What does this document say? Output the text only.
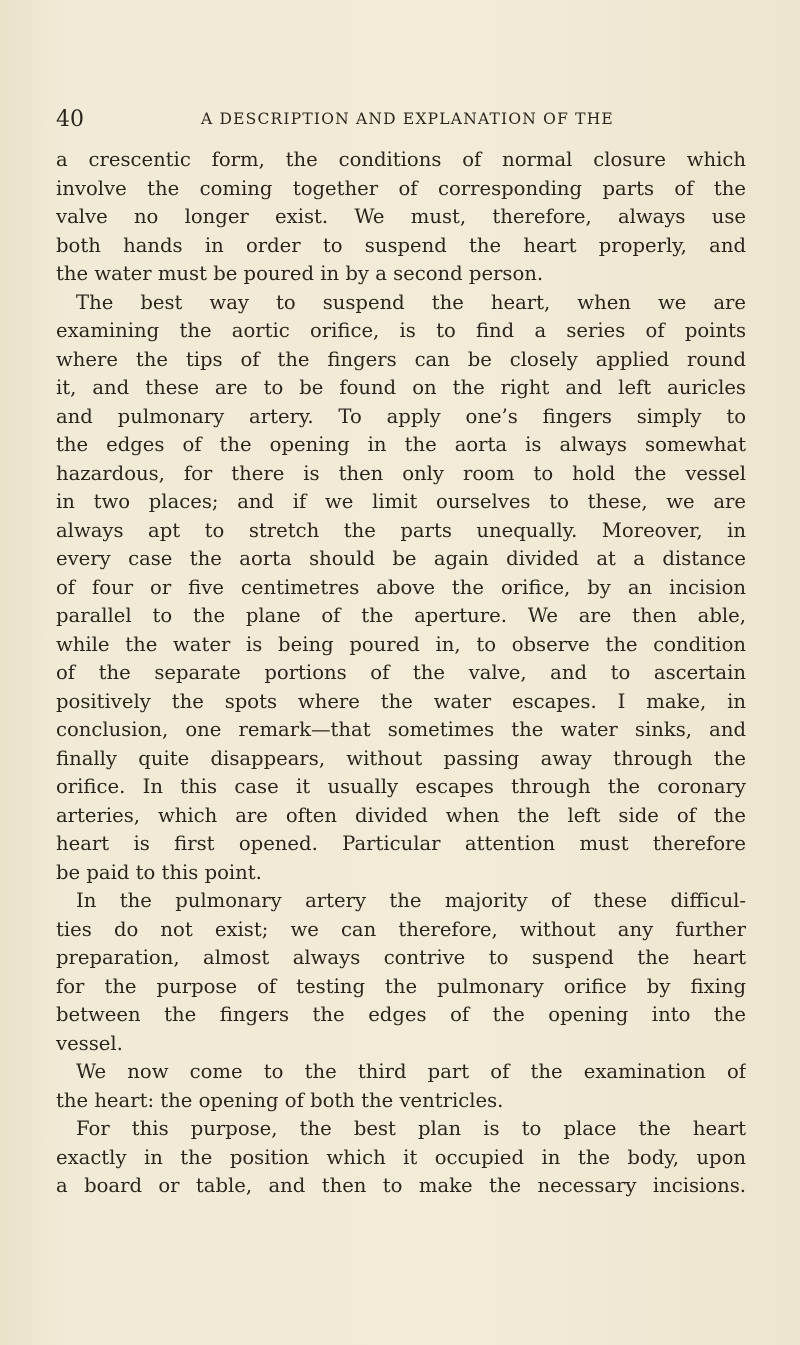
40	A DESCRIPTION AND EXPLANATION OF THE
a crescentic form, the conditions of normal closure which
involve the coming together of corresponding parts of the
valve no longer exist. We must, therefore, always use
both hands in order to suspend the heart properly, and
the water must be poured in by a second person.
The best way to suspend the heart, when we are
examining the aortic orifice, is to find a series of points
where the tips of the fingers can be closely applied round
it, and these are to be found on the right and left auricles
and pulmonary artery. To apply one’s fingers simply to
the edges of the opening in the aorta is always somewhat
hazardous, for there is then only room to hold the vessel
in two places; and if we limit ourselves to these, we are
always apt to stretch the parts unequally. Moreover, in
every case the aorta should be again divided at a distance
of four or five centimetres above the orifice, by an incision
parallel to the plane of the aperture. We are then able,
while the water is being poured in, to observe the condition
of the separate portions of the valve, and to ascertain
positively the spots where the water escapes. I make, in
conclusion, one remark—that sometimes the water sinks, and
finally quite disappears, without passing away through the
orifice. In this case it usually escapes through the coronary
arteries, which are often divided when the left side of the
heart is first opened. Particular attention must therefore
be paid to this point.
In the pulmonary artery the majority of these difficul-
ties do not exist; we can therefore, without any further
preparation, almost always contrive to suspend the heart
for the purpose of testing the pulmonary orifice by fixing
between the fingers the edges of the opening into the
vessel.
We now come to the third part of the examination of
the heart: the opening of both the ventricles.
For this purpose, the best plan is to place the heart
exactly in the position which it occupied in the body, upon
a board or table, and then to make the necessary incisions.
